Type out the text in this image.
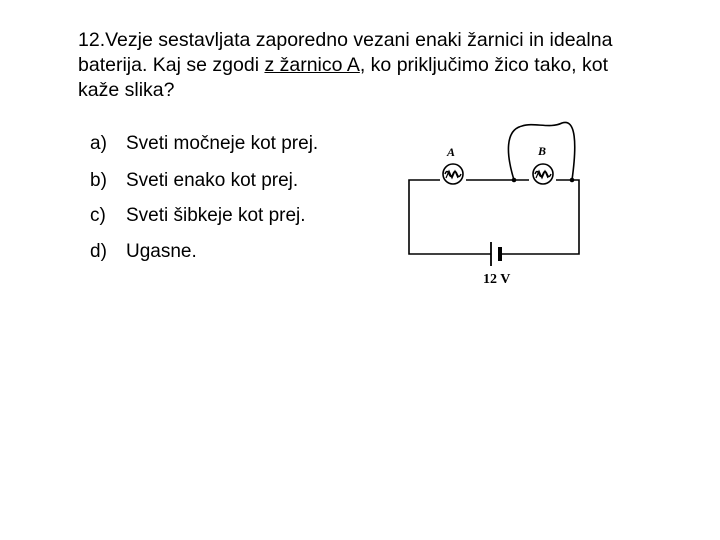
12.Vezje sestavljata zaporedno vezani enaki žarnici in idealna baterija. Kaj se zgodi z žarnico A, ko priključimo žico tako, kot kaže slika?

a) Sveti močneje kot prej.
b) Sveti enako kot prej.
c) Sveti šibkeje kot prej.
d) Ugasne.
A	B
12 V
